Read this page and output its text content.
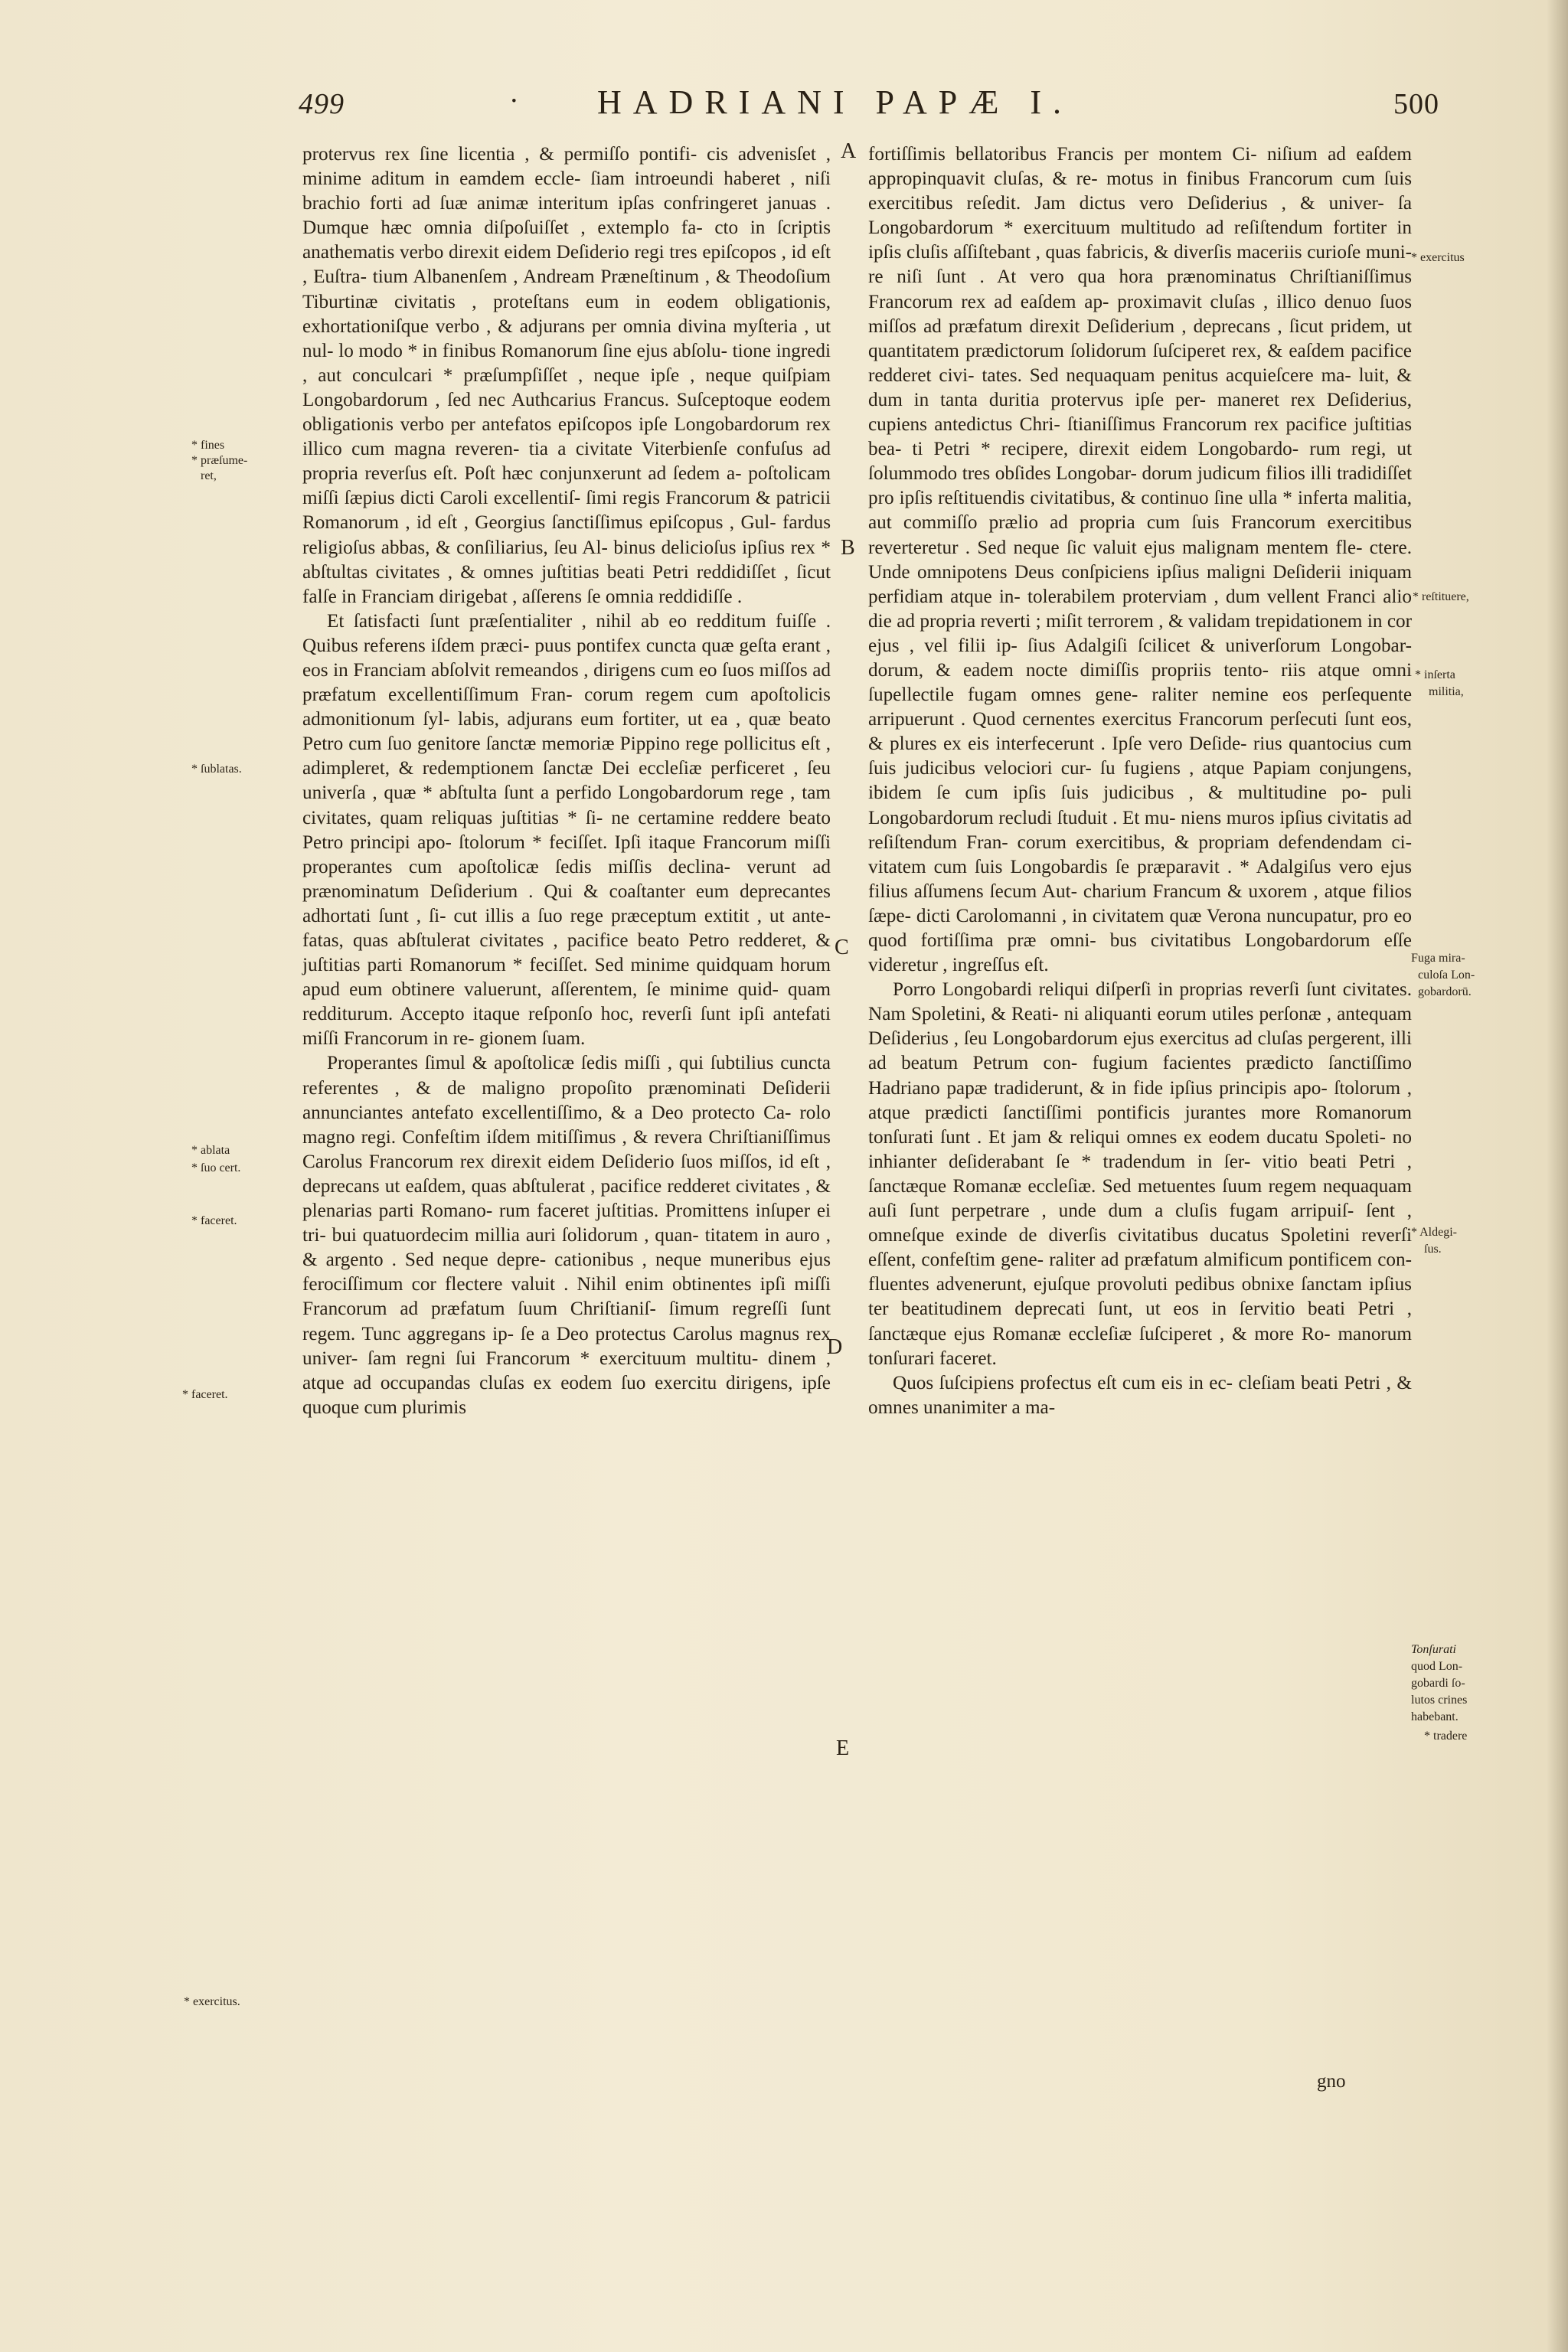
499	· HADRIANI PAPÆ I.	500

protervus rex ſine licentia , & permiſſo pontifi- cis advenisſet , minime aditum in eamdem eccle- ſiam introeundi haberet , niſi brachio forti ad ſuæ animæ interitum ipſas confringeret januas . Dumque hæc omnia diſpoſuiſſet , extemplo fa- cto in ſcriptis anathematis verbo direxit eidem Deſiderio regi tres epiſcopos , id eſt , Euſtra- tium Albanenſem , Andream Præneſtinum , & Theodoſium Tiburtinæ civitatis , proteſtans eum in eodem obligationis, exhortationiſque verbo , & adjurans per omnia divina myſteria , ut nul- lo modo * in finibus Romanorum ſine ejus abſolu- tione ingredi , aut conculcari * præſumpſiſſet , neque ipſe , neque quiſpiam Longobardorum , ſed nec Authcarius Francus. Suſceptoque eodem obligationis verbo per antefatos epiſcopos ipſe Longobardorum rex illico cum magna reveren- tia a civitate Viterbienſe confuſus ad propria reverſus eſt. Poſt hæc conjunxerunt ad ſedem a- poſtolicam miſſi ſæpius dicti Caroli excellentiſ- ſimi regis Francorum & patricii Romanorum , id eſt , Georgius ſanctiſſimus epiſcopus , Gul- fardus religioſus abbas, & conſiliarius, ſeu Al- binus delicioſus ipſius rex * abſtultas civitates , & omnes juſtitias beati Petri reddidiſſet , ſicut falſe in Franciam dirigebat , aſſerens ſe omnia reddidiſſe .

Et ſatisfacti ſunt præſentialiter , nihil ab eo redditum fuiſſe . Quibus referens iſdem præci- puus pontifex cuncta quæ geſta erant , eos in Franciam abſolvit remeandos , dirigens cum eo ſuos miſſos ad præfatum excellentiſſimum Fran- corum regem cum apoſtolicis admonitionum ſyl- labis, adjurans eum fortiter, ut ea , quæ beato Petro cum ſuo genitore ſanctæ memoriæ Pippino rege pollicitus eſt , adimpleret, & redemptionem ſanctæ Dei eccleſiæ perficeret , ſeu univerſa , quæ * abſtulta ſunt a perfido Longobardorum rege , tam civitates, quam reliquas juſtitias * ſi- ne certamine reddere beato Petro principi apo- ſtolorum * feciſſet. Ipſi itaque Francorum miſſi properantes cum apoſtolicæ ſedis miſſis declina- verunt ad prænominatum Deſiderium . Qui & coaſtanter eum deprecantes adhortati ſunt , ſi- cut illis a ſuo rege præceptum extitit , ut ante- fatas, quas abſtulerat civitates , pacifice beato Petro redderet, & juſtitias parti Romanorum * feciſſet. Sed minime quidquam horum apud eum obtinere valuerunt, aſſerentem, ſe minime quid- quam redditurum. Accepto itaque reſponſo hoc, reverſi ſunt ipſi antefati miſſi Francorum in re- gionem ſuam.

Properantes ſimul & apoſtolicæ ſedis miſſi , qui ſubtilius cuncta referentes , & de maligno propoſito prænominati Deſiderii annunciantes antefato excellentiſſimo, & a Deo protecto Ca- rolo magno regi. Confeſtim iſdem mitiſſimus , & revera Chriſtianiſſimus Carolus Francorum rex direxit eidem Deſiderio ſuos miſſos, id eſt , deprecans ut eaſdem, quas abſtulerat , pacifice redderet civitates , & plenarias parti Romano- rum faceret juſtitias. Promittens inſuper ei tri- bui quatuordecim millia auri ſolidorum , quan- titatem in auro , & argento . Sed neque depre- cationibus , neque muneribus ejus ferociſſimum cor flectere valuit . Nihil enim obtinentes ipſi miſſi Francorum ad præfatum ſuum Chriſtianiſ- ſimum regreſſi ſunt regem. Tunc aggregans ip- ſe a Deo protectus Carolus magnus rex univer- ſam regni ſui Francorum * exercituum multitu- dinem , atque ad occupandas cluſas ex eodem ſuo exercitu dirigens, ipſe quoque cum plurimis

fortiſſimis bellatoribus Francis per montem Ci- niſium ad eaſdem appropinquavit cluſas, & re- motus in finibus Francorum cum ſuis exercitibus reſedit. Jam dictus vero Deſiderius , & univer- ſa Longobardorum * exercituum multitudo ad reſiſtendum fortiter in ipſis cluſis aſſiſtebant , quas fabricis, & diverſis maceriis curioſe muni- re niſi ſunt . At vero qua hora prænominatus Chriſtianiſſimus Francorum rex ad eaſdem ap- proximavit cluſas , illico denuo ſuos miſſos ad præfatum direxit Deſiderium , deprecans , ſicut pridem, ut quantitatem prædictorum ſolidorum ſuſciperet rex, & eaſdem pacifice redderet civi- tates. Sed nequaquam penitus acquieſcere ma- luit, & dum in tanta duritia protervus ipſe per- maneret rex Deſiderius, cupiens antedictus Chri- ſtianiſſimus Francorum rex pacifice juſtitias bea- ti Petri * recipere, direxit eidem Longobardo- rum regi, ut ſolummodo tres obſides Longobar- dorum judicum filios illi tradidiſſet pro ipſis reſtituendis civitatibus, & continuo ſine ulla * inferta malitia, aut commiſſo prælio ad propria cum ſuis Francorum exercitibus reverteretur . Sed neque ſic valuit ejus malignam mentem fle- ctere. Unde omnipotens Deus conſpiciens ipſius maligni Deſiderii iniquam perfidiam atque in- tolerabilem proterviam , dum vellent Franci alio die ad propria reverti ; miſit terrorem , & validam trepidationem in cor ejus , vel filii ip- ſius Adalgiſi ſcilicet & univerſorum Longobar- dorum, & eadem nocte dimiſſis propriis tento- riis atque omni ſupellectile fugam omnes gene- raliter nemine eos perſequente arripuerunt . Quod cernentes exercitus Francorum perſecuti ſunt eos, & plures ex eis interfecerunt . Ipſe vero Deſide- rius quantocius cum ſuis judicibus velociori cur- ſu fugiens , atque Papiam conjungens, ibidem ſe cum ipſis ſuis judicibus , & multitudine po- puli Longobardorum recludi ſtuduit . Et mu- niens muros ipſius civitatis ad reſiſtendum Fran- corum exercitibus, & propriam defendendam ci- vitatem cum ſuis Longobardis ſe præparavit . * Adalgiſus vero ejus filius aſſumens ſecum Aut- charium Francum & uxorem , atque filios ſæpe- dicti Carolomanni , in civitatem quæ Verona nuncupatur, pro eo quod fortiſſima præ omni- bus civitatibus Longobardorum eſſe videretur , ingreſſus eſt.

Porro Longobardi reliqui diſperſi in proprias reverſi ſunt civitates. Nam Spoletini, & Reati- ni aliquanti eorum utiles perſonæ , antequam Deſiderius , ſeu Longobardorum ejus exercitus ad cluſas pergerent, illi ad beatum Petrum con- fugium facientes prædicto ſanctiſſimo Hadriano papæ tradiderunt, & in fide ipſius principis apo- ſtolorum , atque prædicti ſanctiſſimi pontificis jurantes more Romanorum tonſurati ſunt . Et jam & reliqui omnes ex eodem ducatu Spoleti- no inhianter deſiderabant ſe * tradendum in ſer- vitio beati Petri , ſanctæque Romanæ eccleſiæ. Sed metuentes ſuum regem nequaquam auſi ſunt perpetrare , unde dum a cluſis fugam arripuiſ- ſent , omneſque exinde de diverſis civitatibus ducatus Spoletini reverſi eſſent, confeſtim gene- raliter ad præfatum almificum pontificem con- fluentes advenerunt, ejuſque provoluti pedibus obnixe ſanctam ipſius ter beatitudinem deprecati ſunt, ut eos in ſervitio beati Petri , ſanctæque ejus Romanæ eccleſiæ ſuſciperet , & more Ro- manorum tonſurari faceret.

Quos ſuſcipiens profectus eſt cum eis in ec- cleſiam beati Petri , & omnes unanimiter a ma-

gno
* fines
* præſume-
ret,
* ſublatas.
* ablata
* ſuo cert.
* faceret.
* faceret.
* exercitus.
* exercitus
* reſtituere,
* inſerta
militia,
Fuga mira-
culoſa Lon-
gobardorū.
* Aldegi-
ſus.
Tonſurati
quod Lon-
gobardi ſo-
lutos crines
habebant.
* tradere
A
B
C
D
E
